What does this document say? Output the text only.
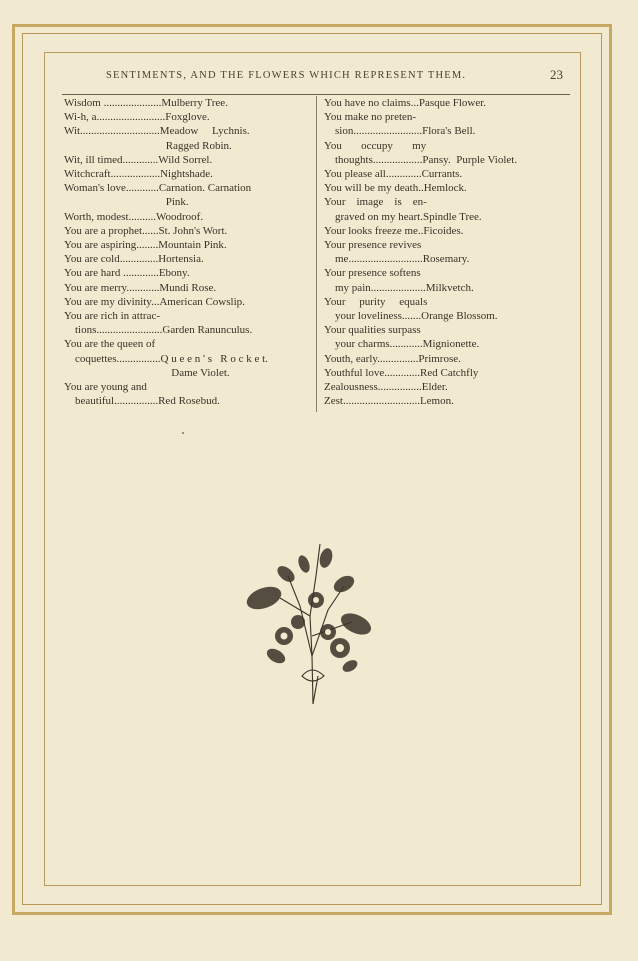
SENTIMENTS, AND THE FLOWERS WHICH REPRESENT THEM.	23
Wisdom .....................Mulberry Tree.
Wi-h, a.........................Foxglove.
Wit.............................Meadow     Lychnis.
Ragged Robin.
Wit, ill timed.............Wild Sorrel.
Witchcraft..................Nightshade.
Woman's love............Carnation. Carnation
Pink.
Worth, modest..........Woodroof.
You are a prophet......St. John's Wort.
You are aspiring........Mountain Pink.
You are cold..............Hortensia.
You are hard .............Ebony.
You are merry............Mundi Rose.
You are my divinity...American Cowslip.
You are rich in attrac-
tions........................Garden Ranunculus.
You are the queen of
coquettes................Q u e e n ' s   R o c k e t.
Dame Violet.
You are young and
beautiful................Red Rosebud.
You have no claims...Pasque Flower.
You make no preten-
sion.........................Flora's Bell.
You       occupy       my
thoughts..................Pansy.  Purple Violet.
You please all.............Currants.
You will be my death..Hemlock.
Your    image    is    en-
graved on my heart.Spindle Tree.
Your looks freeze me..Ficoides.
Your presence revives
me...........................Rosemary.
Your presence softens
my pain....................Milkvetch.
Your     purity     equals
your loveliness.......Orange Blossom.
Your qualities surpass
your charms............Mignionette.
Youth, early...............Primrose.
Youthful love.............Red Catchfly
Zealousness................Elder.
Zest............................Lemon.
